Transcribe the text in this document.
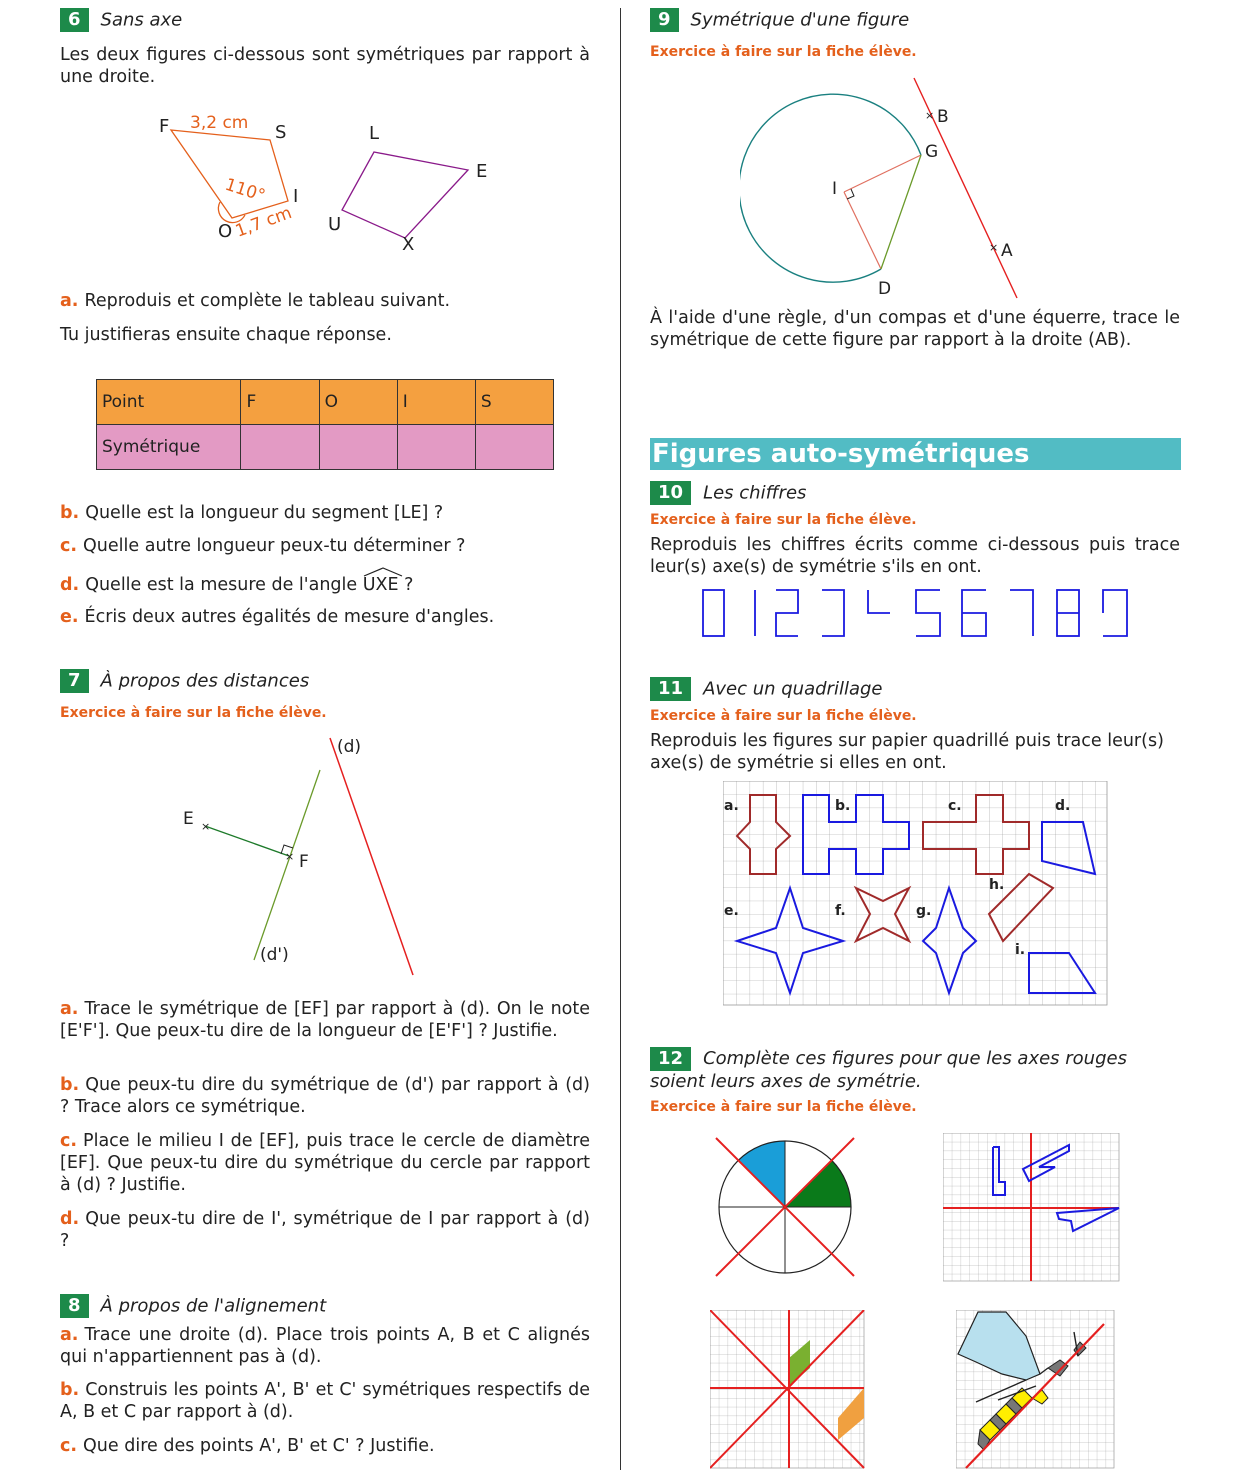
6 Sans axe
Les deux figures ci-dessous sont symétriques par rapport à une droite.
F	S
I
O
3,2 cm
110°
1,7 cm
L
E
U
X
a. Reproduis et complète le tableau suivant.
Tu justifieras ensuite chaque réponse.
Point	F	O	I	S
Symétrique				
b. Quelle est la longueur du segment [LE] ?
c. Quelle autre longueur peux-tu déterminer ?
d. Quelle est la mesure de l'angle UXE ?
e. Écris deux autres égalités de mesure d'angles.
7 À propos des distances
Exercice à faire sur la fiche élève.
×
×
(d)
(d')
E
F
a. Trace le symétrique de [EF] par rapport à (d). On le note [E'F']. Que peux-tu dire de la longueur de [E'F'] ? Justifie.
b. Que peux-tu dire du symétrique de (d') par rapport à (d) ? Trace alors ce symétrique.
c. Place le milieu I de [EF], puis trace le cercle de diamètre [EF]. Que peux-tu dire du symétrique du cercle par rapport à (d) ? Justifie.
d. Que peux-tu dire de I', symétrique de I par rapport à (d) ?
8 À propos de l'alignement
a. Trace une droite (d). Place trois points A, B et C alignés qui n'appartiennent pas à (d).
b. Construis les points A', B' et C' symétriques respectifs de A, B et C par rapport à (d).
c. Que dire des points A', B' et C' ? Justifie.
9 Symétrique d'une figure
Exercice à faire sur la fiche élève.
×
×
B
G
I
A
D
À l'aide d'une règle, d'un compas et d'une équerre, trace le symétrique de cette figure par rapport à la droite (AB).
Figures auto-symétriques
10 Les chiffres
Exercice à faire sur la fiche élève.
Reproduis les chiffres écrits comme ci-dessous puis trace leur(s) axe(s) de symétrie s'ils en ont.
11 Avec un quadrillage
Exercice à faire sur la fiche élève.
Reproduis les figures sur papier quadrillé puis trace leur(s) axe(s) de symétrie si elles en ont.
a.	b.	c.	d.
e.	f.	g.
h.
i.
12 Complète ces figures pour que les axes rouges soient leurs axes de symétrie.
Exercice à faire sur la fiche élève.
